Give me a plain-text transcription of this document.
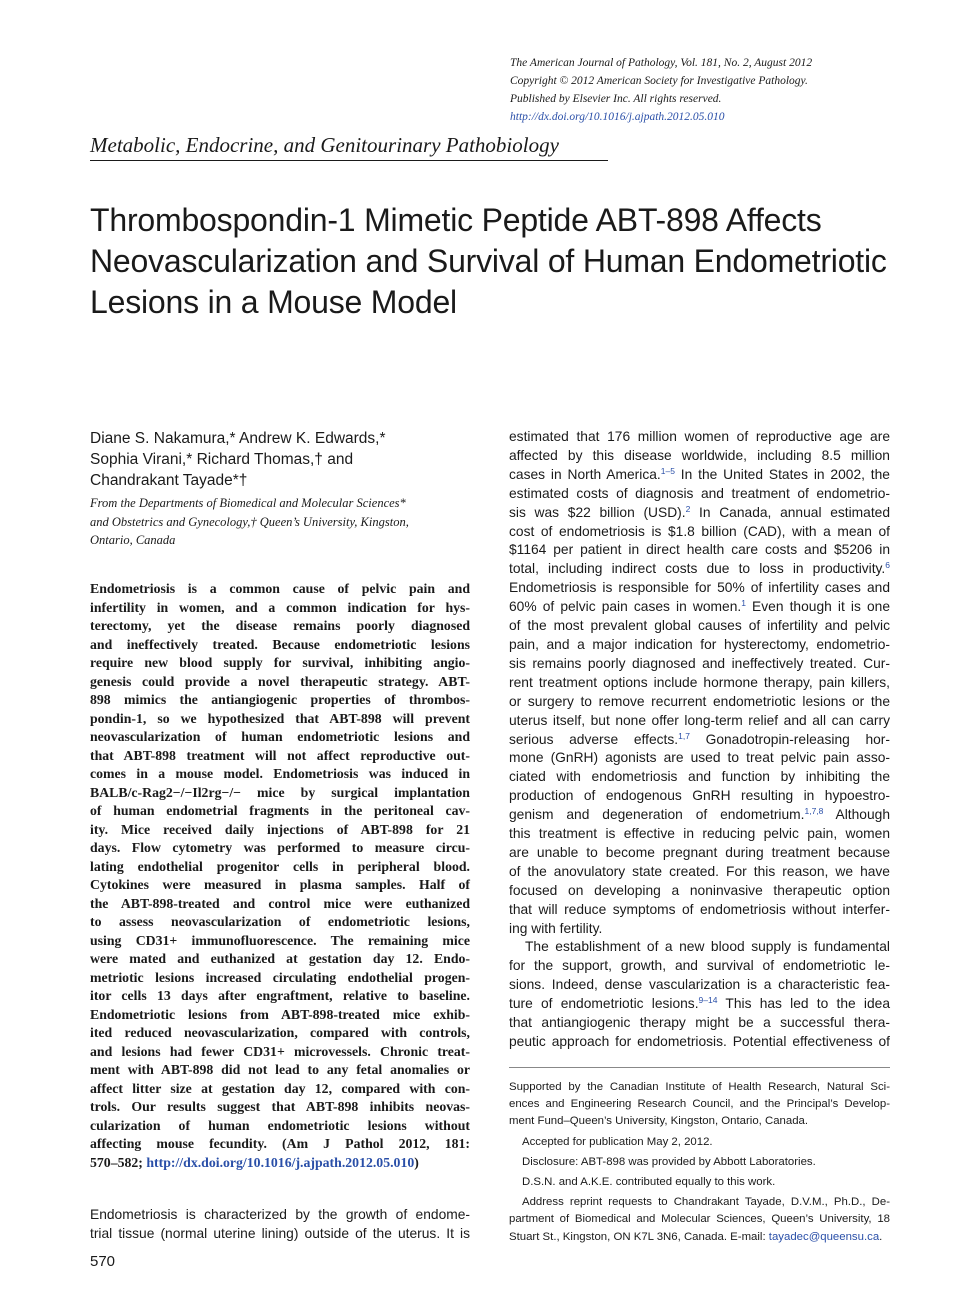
The American Journal of Pathology, Vol. 181, No. 2, August 2012
Copyright © 2012 American Society for Investigative Pathology.
Published by Elsevier Inc. All rights reserved.
http://dx.doi.org/10.1016/j.ajpath.2012.05.010
Metabolic, Endocrine, and Genitourinary Pathobiology
Thrombospondin-1 Mimetic Peptide ABT-898 Affects
Neovascularization and Survival of Human Endometriotic
Lesions in a Mouse Model
Diane S. Nakamura,* Andrew K. Edwards,*
Sophia Virani,* Richard Thomas,† and
Chandrakant Tayade*†
From the Departments of Biomedical and Molecular Sciences*
and Obstetrics and Gynecology,† Queen’s University, Kingston,
Ontario, Canada
Endometriosis is a common cause of pelvic pain and
infertility in women, and a common indication for hys-
terectomy, yet the disease remains poorly diagnosed
and ineffectively treated. Because endometriotic lesions
require new blood supply for survival, inhibiting angio-
genesis could provide a novel therapeutic strategy. ABT-
898 mimics the antiangiogenic properties of thrombos-
pondin-1, so we hypothesized that ABT-898 will prevent
neovascularization of human endometriotic lesions and
that ABT-898 treatment will not affect reproductive out-
comes in a mouse model. Endometriosis was induced in
BALB/c-Rag2−/−Il2rg−/− mice by surgical implantation
of human endometrial fragments in the peritoneal cav-
ity. Mice received daily injections of ABT-898 for 21
days. Flow cytometry was performed to measure circu-
lating endothelial progenitor cells in peripheral blood.
Cytokines were measured in plasma samples. Half of
the ABT-898-treated and control mice were euthanized
to assess neovascularization of endometriotic lesions,
using CD31+ immunofluorescence. The remaining mice
were mated and euthanized at gestation day 12. Endo-
metriotic lesions increased circulating endothelial progen-
itor cells 13 days after engraftment, relative to baseline.
Endometriotic lesions from ABT-898-treated mice exhib-
ited reduced neovascularization, compared with controls,
and lesions had fewer CD31+ microvessels. Chronic treat-
ment with ABT-898 did not lead to any fetal anomalies or
affect litter size at gestation day 12, compared with con-
trols. Our results suggest that ABT-898 inhibits neovas-
cularization of human endometriotic lesions without
affecting mouse fecundity. (Am J Pathol 2012, 181:
570–582; http://dx.doi.org/10.1016/j.ajpath.2012.05.010)
Endometriosis is characterized by the growth of endome-
trial tissue (normal uterine lining) outside of the uterus. It is
570
estimated that 176 million women of reproductive age are
affected by this disease worldwide, including 8.5 million
cases in North America.$^{1-5}$ In the United States in 2002, the
estimated costs of diagnosis and treatment of endometrio-
sis was $22 billion (USD).$^2$ In Canada, annual estimated
cost of endometriosis is $1.8 billion (CAD), with a mean of
$1164 per patient in direct health care costs and $5206 in
total, including indirect costs due to loss in productivity.$^6$
Endometriosis is responsible for 50% of infertility cases and
60% of pelvic pain cases in women.$^1$ Even though it is one
of the most prevalent global causes of infertility and pelvic
pain, and a major indication for hysterectomy, endometrio-
sis remains poorly diagnosed and ineffectively treated. Cur-
rent treatment options include hormone therapy, pain killers,
or surgery to remove recurrent endometriotic lesions or the
uterus itself, but none offer long-term relief and all can carry
serious adverse effects.$^{1,7}$ Gonadotropin-releasing hor-
mone (GnRH) agonists are used to treat pelvic pain asso-
ciated with endometriosis and function by inhibiting the
production of endogenous GnRH resulting in hypoestro-
genism and degeneration of endometrium.$^{1,7,8}$ Although
this treatment is effective in reducing pelvic pain, women
are unable to become pregnant during treatment because
of the anovulatory state created. For this reason, we have
focused on developing a noninvasive therapeutic option
that will reduce symptoms of endometriosis without interfer-
ing with fertility.
The establishment of a new blood supply is fundamental
for the support, growth, and survival of endometriotic le-
sions. Indeed, dense vascularization is a characteristic fea-
ture of endometriotic lesions.$^{9-14}$ This has led to the idea
that antiangiogenic therapy might be a successful thera-
peutic approach for endometriosis. Potential effectiveness of
Supported by the Canadian Institute of Health Research, Natural Sci-
ences and Engineering Research Council, and the Principal’s Develop-
ment Fund–Queen’s University, Kingston, Ontario, Canada.
Accepted for publication May 2, 2012.
Disclosure: ABT-898 was provided by Abbott Laboratories.
D.S.N. and A.K.E. contributed equally to this work.
Address reprint requests to Chandrakant Tayade, D.V.M., Ph.D., De-
partment of Biomedical and Molecular Sciences, Queen’s University, 18
Stuart St., Kingston, ON K7L 3N6, Canada. E-mail: tayadec@queensu.ca.
